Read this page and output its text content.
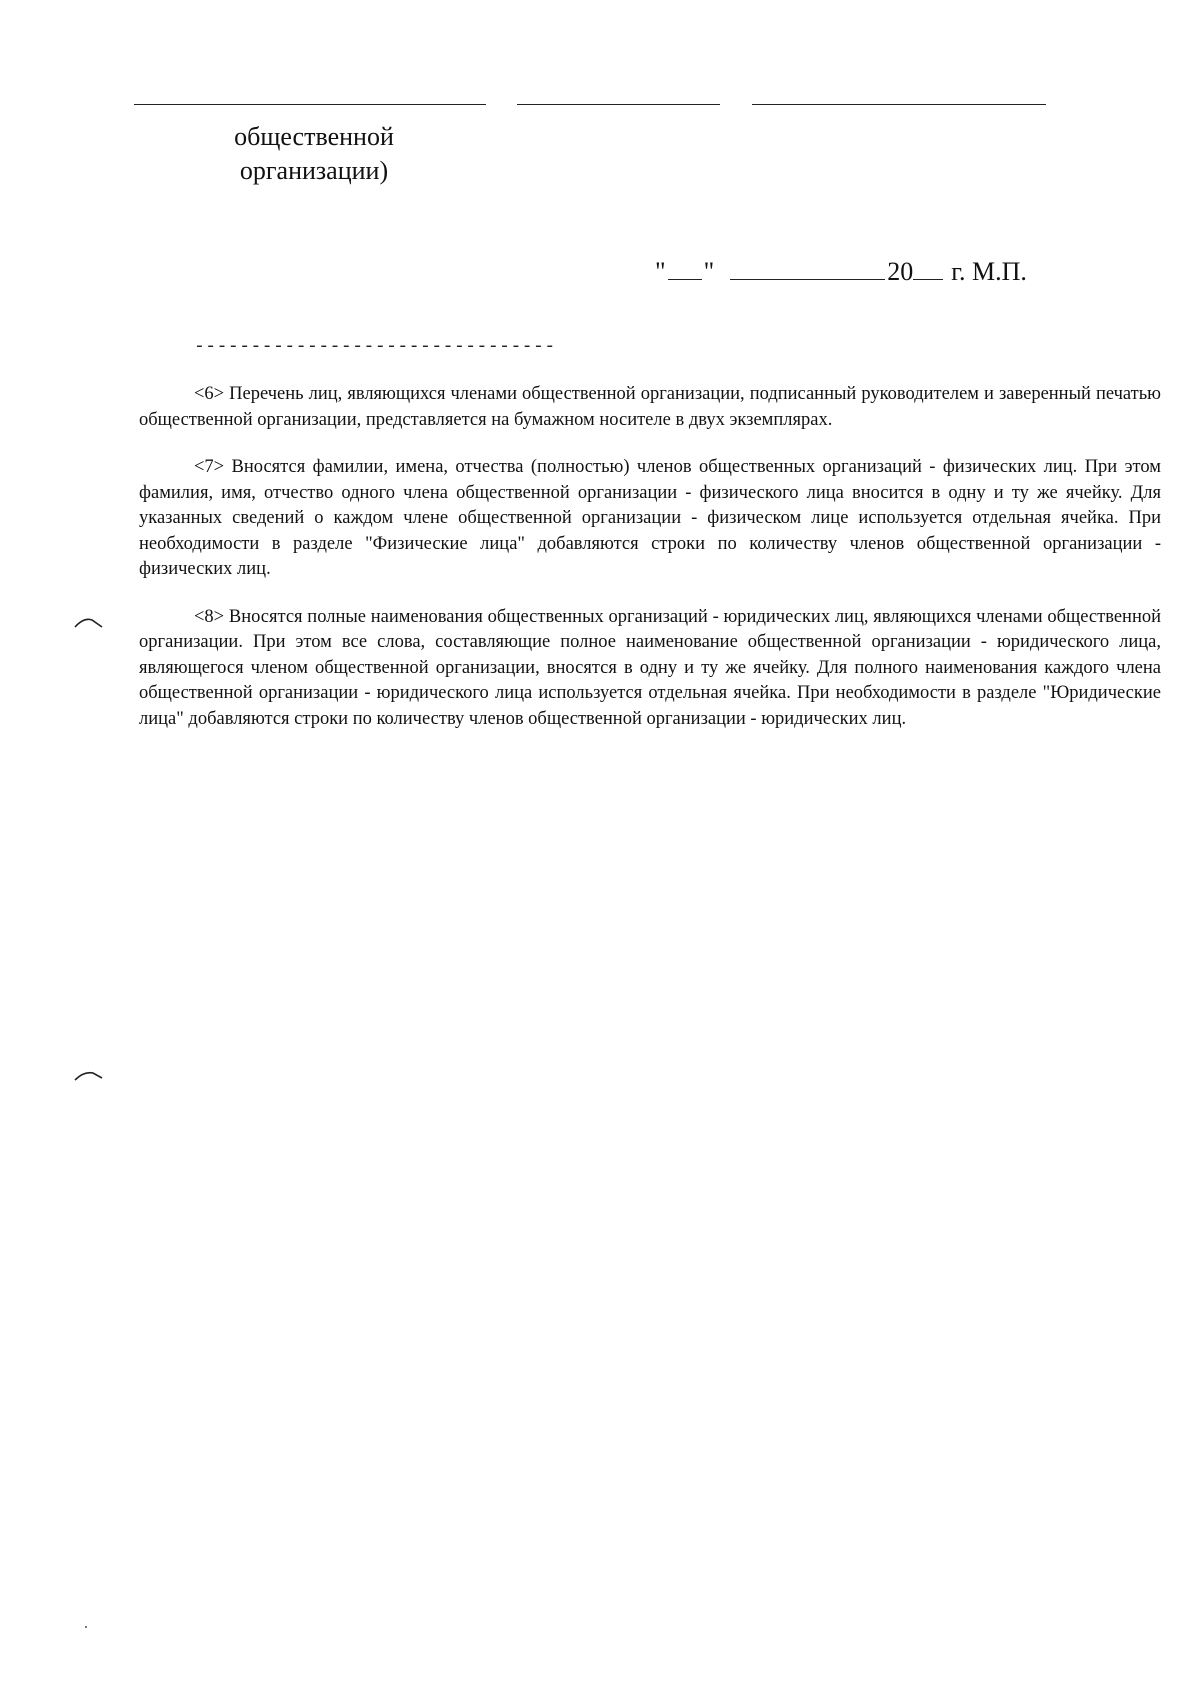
общественной
организации)
" "	20 г. М.П.
--------------------------------

<6> Перечень лиц, являющихся членами общественной организации, подписанный руководителем и заверенный печатью общественной организации, представляется на бумажном носителе в двух экземплярах.

<7> Вносятся фамилии, имена, отчества (полностью) членов общественных организаций - физических лиц. При этом фамилия, имя, отчество одного члена общественной организации - физического лица вносится в одну и ту же ячейку. Для указанных сведений о каждом члене общественной организации - физическом лице используется отдельная ячейка. При необходимости в разделе "Физические лица" добавляются строки по количеству членов общественной организации - физических лиц.

<8> Вносятся полные наименования общественных организаций - юридических лиц, являющихся членами общественной организации. При этом все слова, составляющие полное наименование общественной организации - юридического лица, являющегося членом общественной организации, вносятся в одну и ту же ячейку. Для полного наименования каждого члена общественной организации - юридического лица используется отдельная ячейка. При необходимости в разделе "Юридические лица" добавляются строки по количеству членов общественной организации - юридических лиц.
